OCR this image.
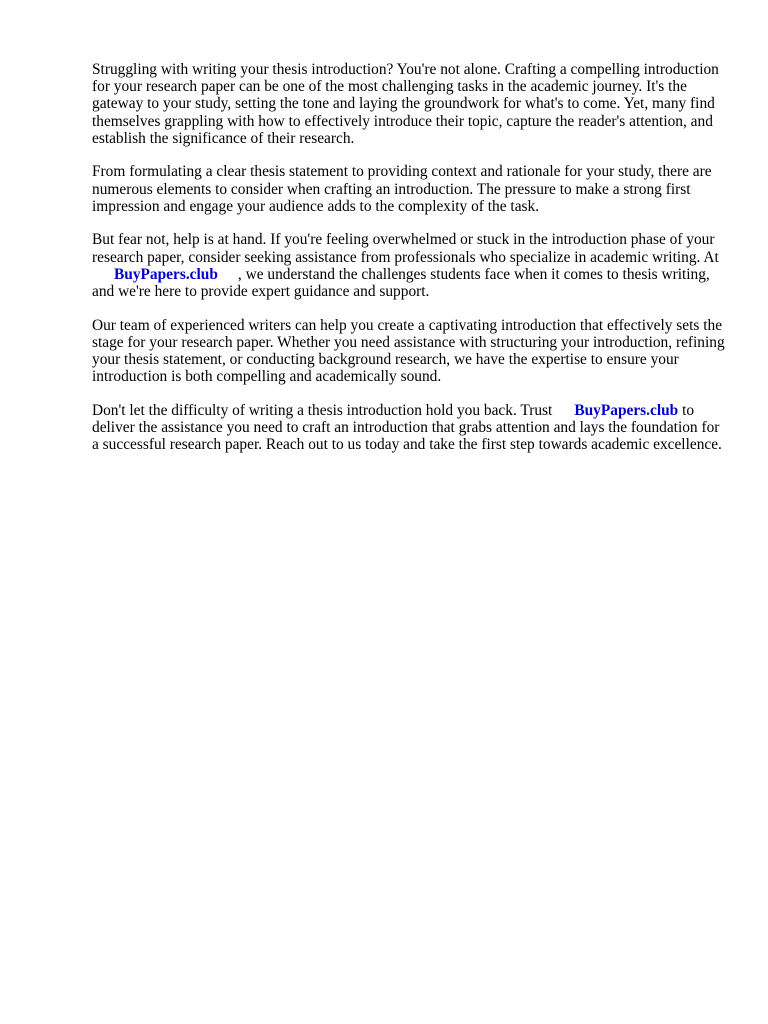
Struggling with writing your thesis introduction? You're not alone. Crafting a compelling introduction for your research paper can be one of the most challenging tasks in the academic journey. It's the gateway to your study, setting the tone and laying the groundwork for what's to come. Yet, many find themselves grappling with how to effectively introduce their topic, capture the reader's attention, and establish the significance of their research.

From formulating a clear thesis statement to providing context and rationale for your study, there are numerous elements to consider when crafting an introduction. The pressure to make a strong first impression and engage your audience adds to the complexity of the task.

But fear not, help is at hand. If you're feeling overwhelmed or stuck in the introduction phase of your research paper, consider seeking assistance from professionals who specialize in academic writing. AtBuyPapers.club , we understand the challenges students face when it comes to thesis writing, and we're here to provide expert guidance and support.

Our team of experienced writers can help you create a captivating introduction that effectively sets the stage for your research paper. Whether you need assistance with structuring your introduction, refining your thesis statement, or conducting background research, we have the expertise to ensure your introduction is both compelling and academically sound.

Don't let the difficulty of writing a thesis introduction hold you back. Trust BuyPapers.club to deliver the assistance you need to craft an introduction that grabs attention and lays the foundation for a successful research paper. Reach out to us today and take the first step towards academic excellence.
